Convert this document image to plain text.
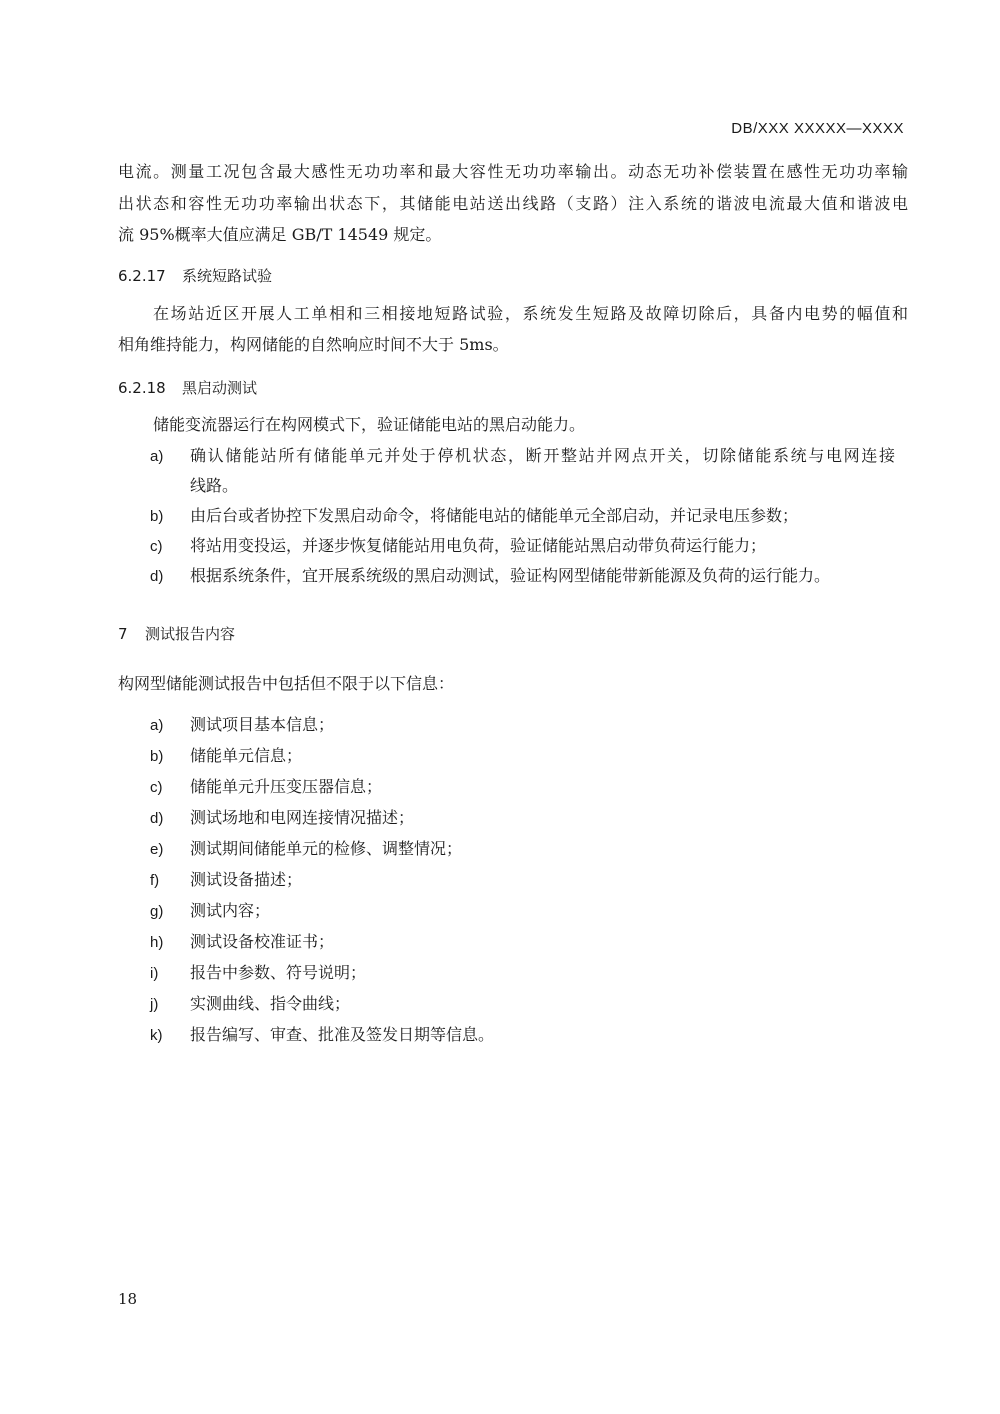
DB/XXX XXXXX—XXXX
电流。测量工况包含最大感性无功功率和最大容性无功功率输出。动态无功补偿装置在感性无功功率输
出状态和容性无功功率输出状态下，其储能电站送出线路（支路）注入系统的谐波电流最大值和谐波电
流 95%概率大值应满足 GB/T 14549 规定。
6.2.17 系统短路试验
在场站近区开展人工单相和三相接地短路试验，系统发生短路及故障切除后，具备内电势的幅值和
相角维持能力，构网储能的自然响应时间不大于 5ms。
6.2.18 黑启动测试
储能变流器运行在构网模式下，验证储能电站的黑启动能力。
a) 确认储能站所有储能单元并处于停机状态，断开整站并网点开关，切除储能系统与电网连接
线路。
b) 由后台或者协控下发黑启动命令，将储能电站的储能单元全部启动，并记录电压参数；
c) 将站用变投运，并逐步恢复储能站用电负荷，验证储能站黑启动带负荷运行能力；
d) 根据系统条件，宜开展系统级的黑启动测试，验证构网型储能带新能源及负荷的运行能力。
7 测试报告内容
构网型储能测试报告中包括但不限于以下信息：
a) 测试项目基本信息；
b) 储能单元信息；
c) 储能单元升压变压器信息；
d) 测试场地和电网连接情况描述；
e) 测试期间储能单元的检修、调整情况；
f) 测试设备描述；
g) 测试内容；
h) 测试设备校准证书；
i) 报告中参数、符号说明；
j) 实测曲线、指令曲线；
k) 报告编写、审查、批准及签发日期等信息。
18
